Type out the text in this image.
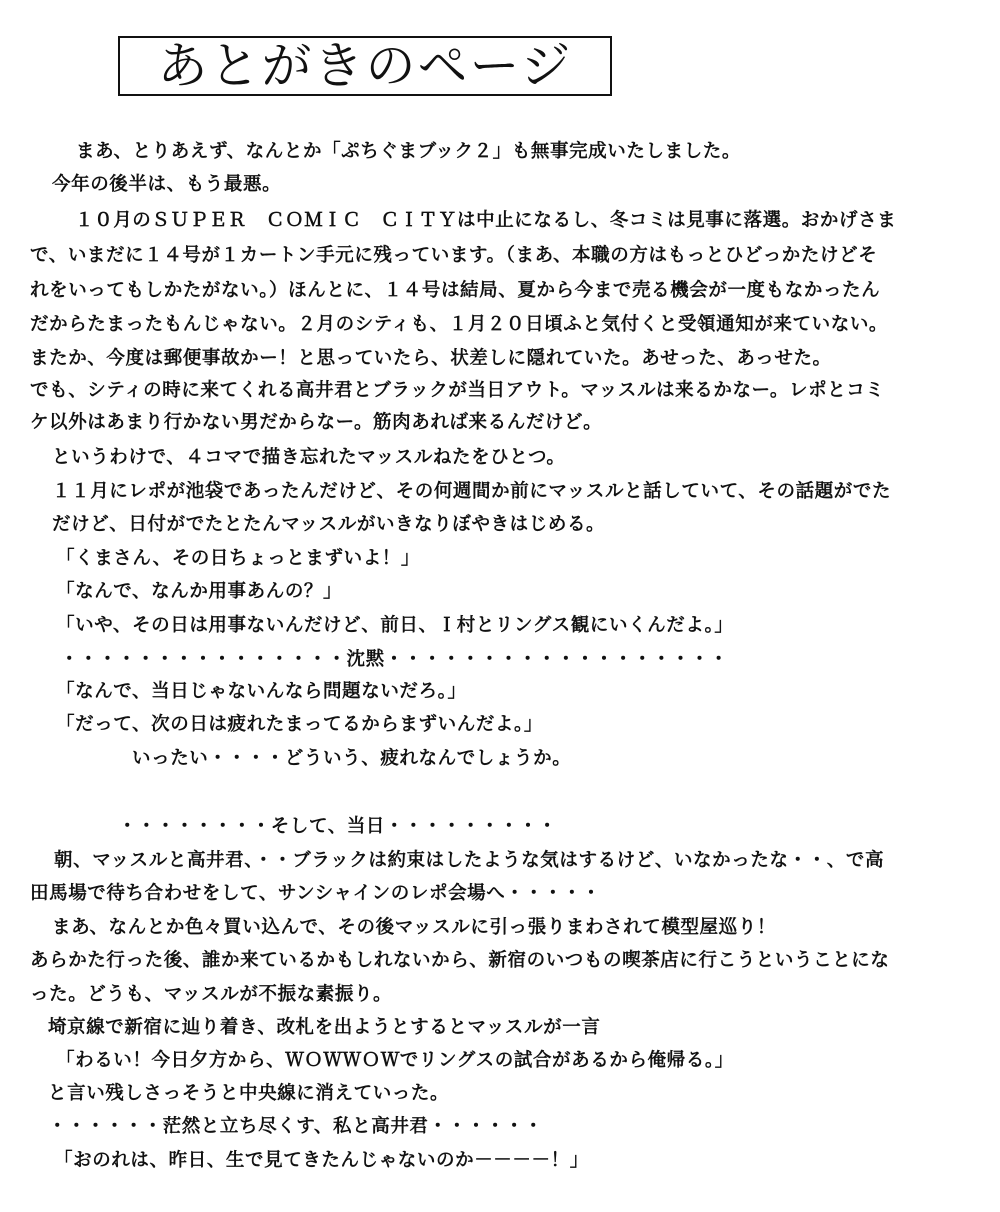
あとがきのページ
まあ、とりあえず、なんとか「ぷちぐまブック２」も無事完成いたしました。
今年の後半は、もう最悪。
１０月のＳＵＰＥＲ　ＣＯＭＩＣ　ＣＩＴＹは中止になるし、冬コミは見事に落選。おかげさま
で、いまだに１４号が１カートン手元に残っています。（まあ、本職の方はもっとひどっかたけどそ
れをいってもしかたがない。）ほんとに、１４号は結局、夏から今まで売る機会が一度もなかったん
だからたまったもんじゃない。２月のシティも、１月２０日頃ふと気付くと受領通知が来ていない。
またか、今度は郵便事故かー！と思っていたら、状差しに隠れていた。あせった、あっせた。
でも、シティの時に来てくれる高井君とブラックが当日アウト。マッスルは来るかなー。レポとコミ
ケ以外はあまり行かない男だからなー。筋肉あれば来るんだけど。
というわけで、４コマで描き忘れたマッスルねたをひとつ。
１１月にレポが池袋であったんだけど、その何週間か前にマッスルと話していて、その話題がでた
だけど、日付がでたとたんマッスルがいきなりぼやきはじめる。
「くまさん、その日ちょっとまずいよ！」
「なんで、なんか用事あんの？」
「いや、その日は用事ないんだけど、前日、Ｉ村とリングス観にいくんだよ。」
・・・・・・・・・・・・・・・沈黙・・・・・・・・・・・・・・・・・・
「なんで、当日じゃないんなら問題ないだろ。」
「だって、次の日は疲れたまってるからまずいんだよ。」
いったい・・・・どういう、疲れなんでしょうか。
・・・・・・・・そして、当日・・・・・・・・・
朝、マッスルと高井君、・・ブラックは約束はしたような気はするけど、いなかったな・・、で高
田馬場で待ち合わせをして、サンシャインのレポ会場へ・・・・・
まあ、なんとか色々買い込んで、その後マッスルに引っ張りまわされて模型屋巡り！
あらかた行った後、誰か来ているかもしれないから、新宿のいつもの喫茶店に行こうということにな
った。どうも、マッスルが不振な素振り。
埼京線で新宿に辿り着き、改札を出ようとするとマッスルが一言
「わるい！今日夕方から、ＷＯＷＷＯＷでリングスの試合があるから俺帰る。」
と言い残しさっそうと中央線に消えていった。
・・・・・・茫然と立ち尽くす、私と高井君・・・・・・
「おのれは、昨日、生で見てきたんじゃないのか－－－－！」
